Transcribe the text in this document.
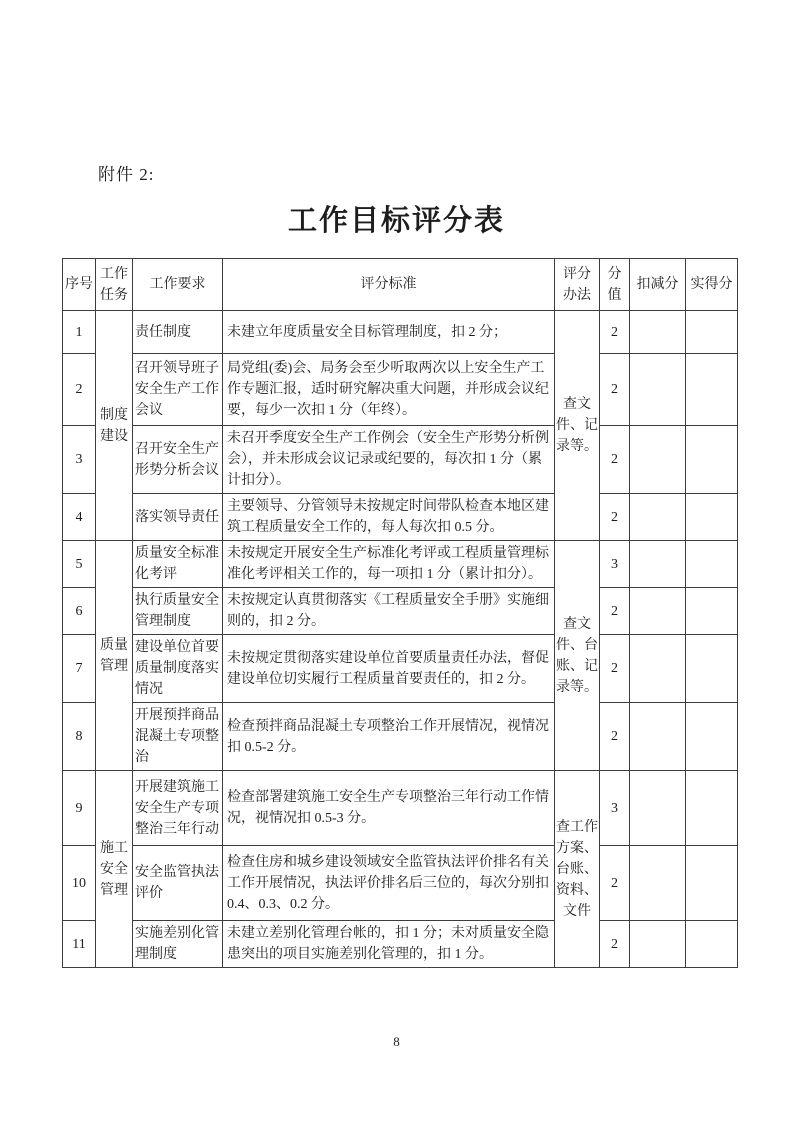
附件 2:
工作目标评分表
序号	工作任务	工作要求	评分标准	评分办法	分值	扣减分	实得分
1	制度建设	责任制度	未建立年度质量安全目标管理制度，扣 2 分；	查文件、记录等。	2		
2		召开领导班子安全生产工作会议	局党组(委)会、局务会至少听取两次以上安全生产工作专题汇报，适时研究解决重大问题，并形成会议纪要，每少一次扣 1 分（年终）。		2		
3		召开安全生产形势分析会议	未召开季度安全生产工作例会（安全生产形势分析例会），并未形成会议记录或纪要的，每次扣 1 分（累计扣分）。		2		
4		落实领导责任	主要领导、分管领导未按规定时间带队检查本地区建筑工程质量安全工作的，每人每次扣 0.5 分。		2		
5	质量管理	质量安全标准化考评	未按规定开展安全生产标准化考评或工程质量管理标准化考评相关工作的，每一项扣 1 分（累计扣分）。	查文件、台账、记录等。	3		
6		执行质量安全管理制度	未按规定认真贯彻落实《工程质量安全手册》实施细则的，扣 2 分。		2		
7		建设单位首要质量制度落实情况	未按规定贯彻落实建设单位首要质量责任办法，督促建设单位切实履行工程质量首要责任的，扣 2 分。		2		
8		开展预拌商品混凝土专项整治	检查预拌商品混凝土专项整治工作开展情况，视情况扣 0.5-2 分。		2		
9	施工安全管理	开展建筑施工安全生产专项整治三年行动	检查部署建筑施工安全生产专项整治三年行动工作情况，视情况扣 0.5-3 分。	查工作方案、台账、资料、文件	3		
10		安全监管执法评价	检查住房和城乡建设领域安全监管执法评价排名有关工作开展情况，执法评价排名后三位的，每次分别扣 0.4、0.3、0.2 分。		2		
11		实施差别化管理制度	未建立差别化管理台帐的，扣 1 分；未对质量安全隐患突出的项目实施差别化管理的，扣 1 分。		2		
8
